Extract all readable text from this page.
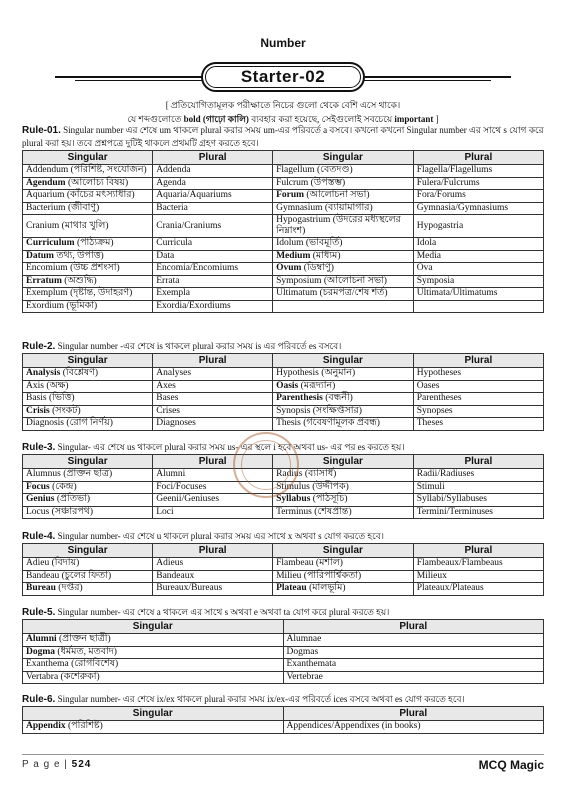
Number
Starter-02
[ প্রতিযোগিতামূলক পরীক্ষাতে নিচের গুলো থেকে বেশি এসে থাকে।
যে শব্দগুলোতে bold (গাঢ়ো কালি) ব্যবহার করা হয়েছে, সেইগুলোই সবচেয়ে important ]
Rule-01. Singular number এর শেষে um থাকলে plural করার সময় um-এর পরিবর্তে a বসবে। কখনো কখনো Singular number এর সাথে s যোগ করে plural করা হয়। তবে প্রশ্নপত্রে দুটিই থাকলে প্রথমটি গ্রহণ করতে হবে।
Singular	Plural	Singular	Plural
Addendum (পরিশিষ্ট, সংযোজন)	Addenda	Flagellum (বেতদণ্ড)	Flagella/Flagellums
Agendum (আলোচ্য বিষয়)	Agenda	Fulcrum (উপস্তম্ভ)	Fulera/Fulcrums
Aquarium (কাঁচের মৎস্যাধার)	Aquaria/Aquariums	Forum (আলোচনা সভা)	Fora/Forums
Bacterium (জীবাণু)	Bacteria	Gymnasium (ব্যায়ামাগার)	Gymnasia/Gymnasiums
Cranium (মাথার খুলি)	Crania/Craniums	Hypogastrium (উদরের মধ্যস্থলের নিম্নাংশ)	Hypogastria
Curriculum (পাঠ্যক্রম)	Curricula	Idolum (ভাবমূর্তি)	Idola
Datum তথ্য, উপাত্ত)	Data	Medium (মাধ্যম)	Media
Encomium (উচ্চ প্রশংসা)	Encomia/Encomiums	Ovum (ডিম্বাণু)	Ova
Erratum (অশুদ্ধি)	Errata	Symposium (আলোচনা সভা)	Symposia
Exemplum (দৃষ্টান্ত, উদাহরণ)	Exempla	Ultimatum (চরমপত্র/শেষ শর্ত)	Ultimata/Ultimatums
Exordium (ভূমিকা)	Exordia/Exordiums		
Rule-2. Singular number -এর শেষে is থাকলে plural করার সময় is এর পরিবর্তে es বসবে।
Singular	Plural	Singular	Plural
Analysis (বিশ্লেষণ)	Analyses	Hypothesis (অনুমান)	Hypotheses
Axis (অক্ষ)	Axes	Oasis (মরূদ্যান)	Oases
Basis (ভিত্তি)	Bases	Parenthesis (বন্ধনী)	Parentheses
Crisis (সংকট)	Crises	Synopsis (সংক্ষিপ্তসার)	Synopses
Diagnosis (রোগ নির্ণয়)	Diagnoses	Thesis (গবেষণামূলক প্রবন্ধ)	Theses
Rule-3. Singular- এর শেষে us থাকলে plural করার সময় us- এর স্থলে i হবে অথবা us- এর পর es করতে হয়।
Singular	Plural	Singular	Plural
Alumnus (প্রাক্তন ছাত্র)	Alumni	Radius (ব্যাসার্ধ)	Radii/Radiuses
Focus (কেন্দ্র)	Foci/Focuses	Stimulus (উদ্দীপক)	Stimuli
Genius (প্রতিভা)	Geenii/Geniuses	Syllabus (পাঠসূচি)	Syllabi/Syllabuses
Locus (সঞ্চারপথ)	Loci	Terminus (শেষপ্রান্ত)	Termini/Terminuses
Rule-4. Singular number- এর শেষে u থাকলে plural করার সময় এর সাথে x অথবা s যোগ করতে হবে।
Singular	Plural	Singular	Plural
Adieu (বিদায়)	Adieus	Flambeau (মশাল)	Flambeaux/Flambeaus
Bandeau (চুলের ফিতা)	Bandeaux	Milieu (পারিপার্শ্বিকতা)	Milieux
Bureau (দপ্তর)	Bureaux/Bureaus	Plateau (মালভূমি)	Plateaux/Plateaus
Rule-5. Singular number- এর শেষে a থাকলে এর সাথে s অথবা e অথবা ta যোগ করে plural করতে হয়।
Singular	Plural
Alumni (প্রাক্তন ছাত্রী)	Alumnae
Dogma (ধর্মমত, মতবাদ)	Dogmas
Exanthema (রোগবিশেষ)	Exanthemata
Vertabra (কশেরুকা)	Vertebrae
Rule-6. Singular number- এর শেষে ix/ex থাকলে plural করার সময় ix/ex-এর পরিবর্তে ices বসবে অথবা es যোগ করতে হবে।
Singular	Plural
Appendix (পরিশিষ্ট)	Appendices/Appendixes (in books)
P a g e | 524	MCQ Magic
